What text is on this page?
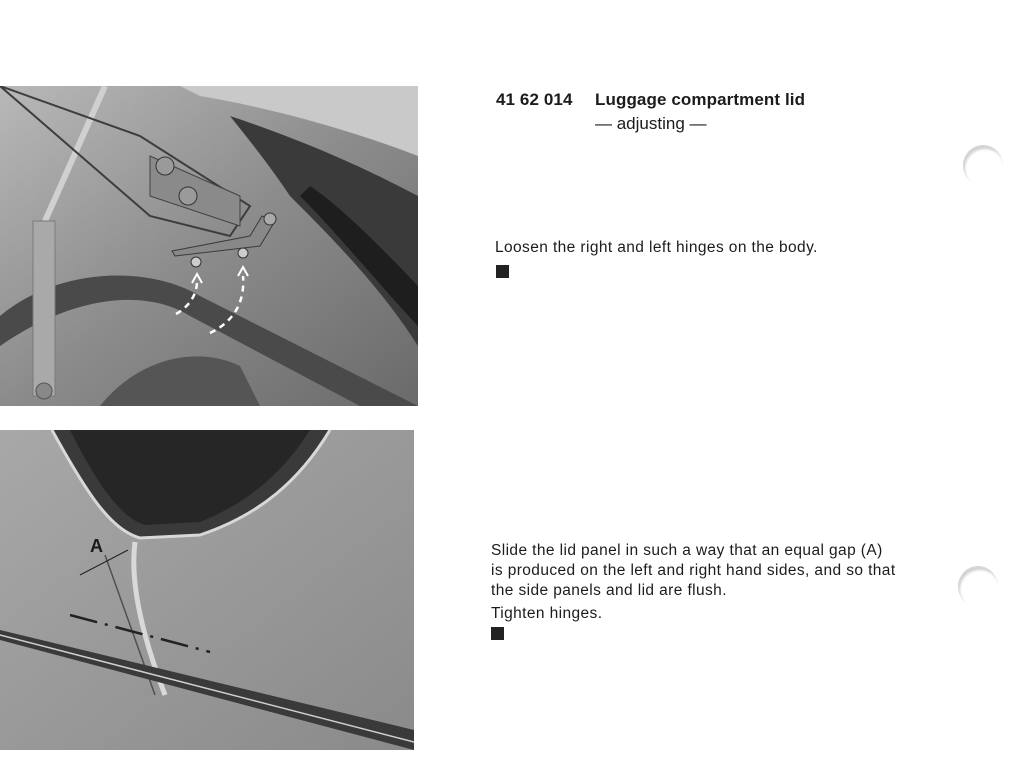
A
41 62 014 Luggage compartment lid
— adjusting —
Loosen the right and left hinges on the body.
Slide the lid panel in such a way that an equal gap (A)
is produced on the left and right hand sides, and so that
the side panels and lid are flush.
Tighten hinges.
